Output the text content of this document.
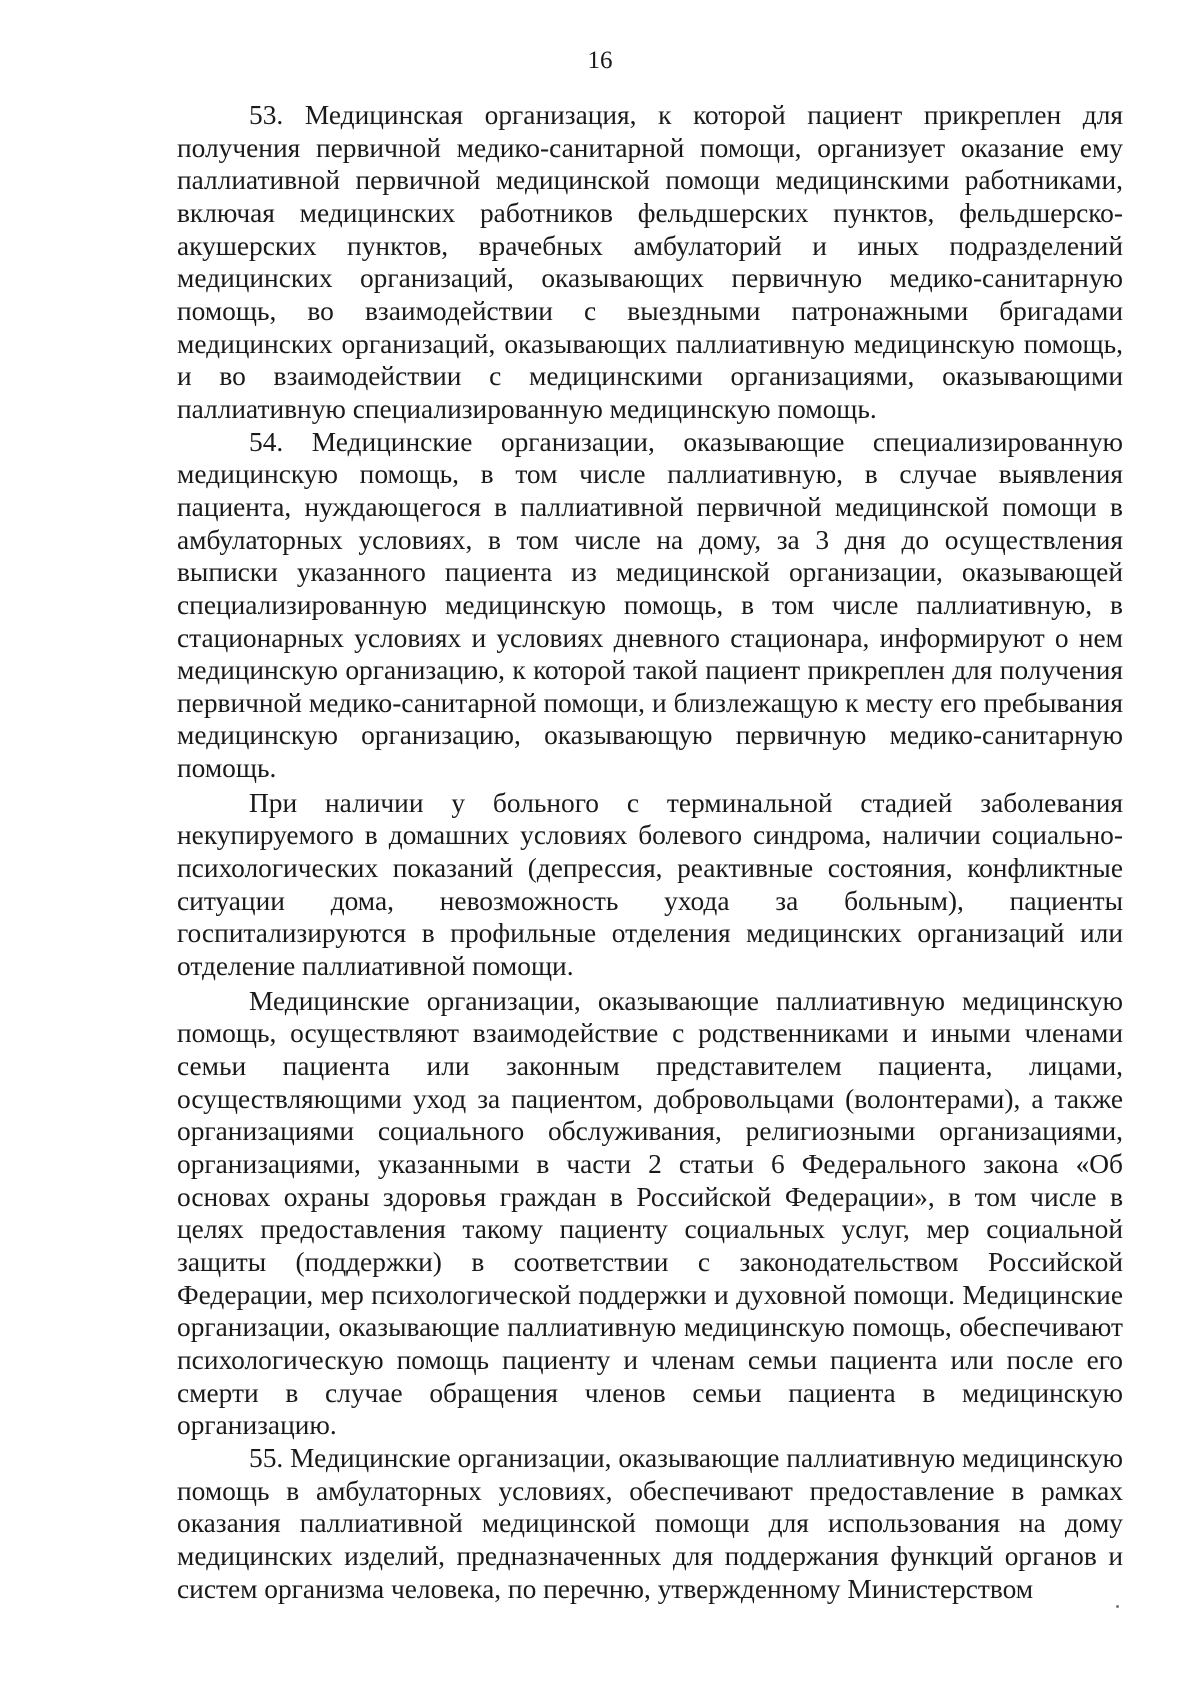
16

53. Медицинская организация, к которой пациент прикреплен для получения первичной медико-санитарной помощи, организует оказание ему паллиативной первичной медицинской помощи медицинскими работниками, включая медицинских работников фельдшерских пунктов, фельдшерско-акушерских пунктов, врачебных амбулаторий и иных подразделений медицинских организаций, оказывающих первичную медико-санитарную помощь, во взаимодействии с выездными патронажными бригадами медицинских организаций, оказывающих паллиативную медицинскую помощь, и во взаимодействии с медицинскими организациями, оказывающими паллиативную специализированную медицинскую помощь.

54. Медицинские организации, оказывающие специализированную медицинскую помощь, в том числе паллиативную, в случае выявления пациента, нуждающегося в паллиативной первичной медицинской помощи в амбулаторных условиях, в том числе на дому, за 3 дня до осуществления выписки указанного пациента из медицинской организации, оказывающей специализированную медицинскую помощь, в том числе паллиативную, в стационарных условиях и условиях дневного стационара, информируют о нем медицинскую организацию, к которой такой пациент прикреплен для получения первичной медико-санитарной помощи, и близлежащую к месту его пребывания медицинскую организацию, оказывающую первичную медико-санитарную помощь.

При наличии у больного с терминальной стадией заболевания некупируемого в домашних условиях болевого синдрома, наличии социально-психологических показаний (депрессия, реактивные состояния, конфликтные ситуации дома, невозможность ухода за больным), пациенты госпитализируются в профильные отделения медицинских организаций или отделение паллиативной помощи.

Медицинские организации, оказывающие паллиативную медицинскую помощь, осуществляют взаимодействие с родственниками и иными членами семьи пациента или законным представителем пациента, лицами, осуществляющими уход за пациентом, добровольцами (волонтерами), а также организациями социального обслуживания, религиозными организациями, организациями, указанными в части 2 статьи 6 Федерального закона «Об основах охраны здоровья граждан в Российской Федерации», в том числе в целях предоставления такому пациенту социальных услуг, мер социальной защиты (поддержки) в соответствии с законодательством Российской Федерации, мер психологической поддержки и духовной помощи. Медицинские организации, оказывающие паллиативную медицинскую помощь, обеспечивают психологическую помощь пациенту и членам семьи пациента или после его смерти в случае обращения членов семьи пациента в медицинскую организацию.

55. Медицинские организации, оказывающие паллиативную медицинскую помощь в амбулаторных условиях, обеспечивают предоставление в рамках оказания паллиативной медицинской помощи для использования на дому медицинских изделий, предназначенных для поддержания функций органов и систем организма человека, по перечню, утвержденному Министерством
